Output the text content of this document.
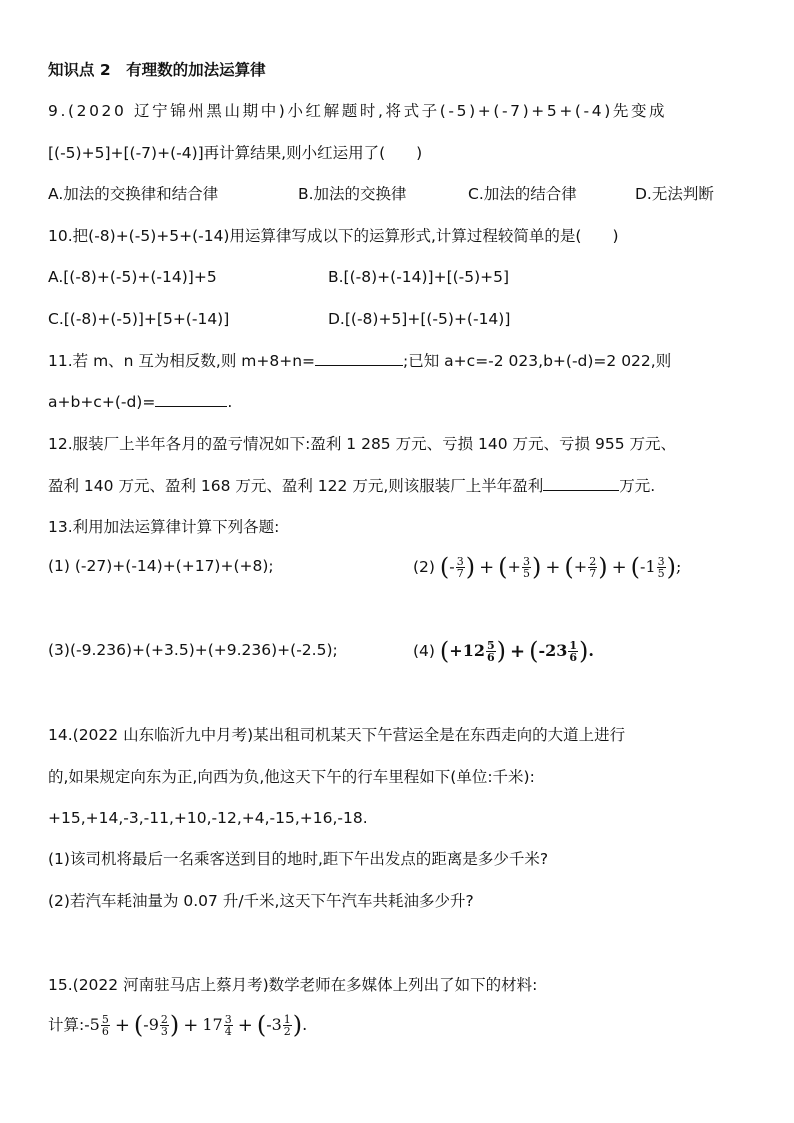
知识点 2　有理数的加法运算律
9.(2020 辽宁锦州黑山期中)小红解题时,将式子(-5)+(-7)+5+(-4)先变成
[(-5)+5]+[(-7)+(-4)]再计算结果,则小红运用了(　　)
A.加法的交换律和结合律	B.加法的交换律	C.加法的结合律	D.无法判断
10.把(-8)+(-5)+5+(-14)用运算律写成以下的运算形式,计算过程较简单的是(　　)
A.[(-8)+(-5)+(-14)]+5	B.[(-8)+(-14)]+[(-5)+5]
C.[(-8)+(-5)]+[5+(-14)]	D.[(-8)+5]+[(-5)+(-14)]
11.若 m、n 互为相反数,则 m+8+n=	;已知 a+c=-2 023,b+(-d)=2 022,则
a+b+c+(-d)=	.
12.服装厂上半年各月的盈亏情况如下:盈利 1 285 万元、亏损 140 万元、亏损 955 万元、
盈利 140 万元、盈利 168 万元、盈利 122 万元,则该服装厂上半年盈利	万元.
13.利用加法运算律计算下列各题:
(1) (-27)+(-14)+(+17)+(+8);	(2) (- $\frac{3}{7}$ ) + (+ $\frac{3}{5}$ ) + (+ $\frac{2}{7}$ ) + ($-1 \frac{3}{5}$ );
(3)(-9.236)+(+3.5)+(+9.236)+(-2.5);	(4) ($+12 \frac{5}{6}$ ) + ($-23 \frac{1}{6}$ ).
14.(2022 山东临沂九中月考)某出租司机某天下午营运全是在东西走向的大道上进行
的,如果规定向东为正,向西为负,他这天下午的行车里程如下(单位:千米):
+15,+14,-3,-11,+10,-12,+4,-15,+16,-18.
(1)该司机将最后一名乘客送到目的地时,距下午出发点的距离是多少千米?
(2)若汽车耗油量为 0.07 升/千米,这天下午汽车共耗油多少升?
15.(2022 河南驻马店上蔡月考)数学老师在多媒体上列出了如下的材料:
计算:-5 $\frac{5}{6} + (-9 \frac{2}{3}$ ) + $17 \frac{3}{4} + (-3 \frac{1}{2}$ ).
